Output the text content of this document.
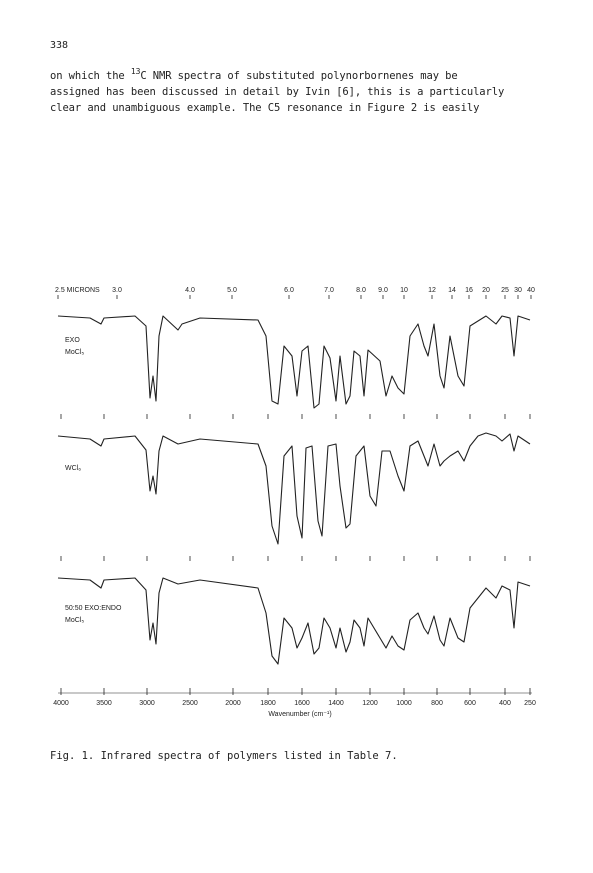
338
on which the $^{13}$C NMR spectra of substituted polynorbornenes may be
assigned has been discussed in detail by Ivin [6], this is a particularly
clear and unambiguous example. The C5 resonance in Figure 2 is easily
2.5 MICRONS 3.0	4.0	5.0	6.0	7.0	8.0 9.0 10	12 14 16 20 25 30 40
4000	3500	3000	2500	2000	1800	1600	1400	1200	1000	800	600	400 250
Wavenumber (cm⁻¹)
EXO
MoCl₅
WCl₆
50:50 EXO:ENDO
MoCl₅
Fig. 1. Infrared spectra of polymers listed in Table 7.
